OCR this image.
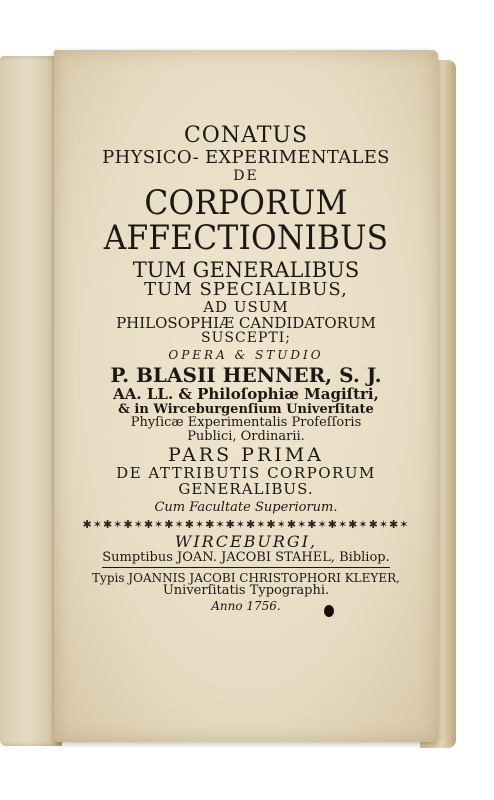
CONATUS
PHYSICO- EXPERIMENTALES
DE
CORPORUM
AFFECTIONIBUS
TUM GENERALIBUS
TUM SPECIALIBUS,
AD USUM
PHILOSOPHIÆ CANDIDATORUM
SUSCEPTI;
OPERA & STUDIO
P. BLASII HENNER, S. J.
AA. LL. & Philoſophiæ Magiſtri,
& in Wirceburgenſium Univerſitate
Phyſicæ Experimentalis Profeſſoris
Publici, Ordinarii.
PARS PRIMA
DE ATTRIBUTIS CORPORUM
GENERALIBUS.
Cum Facultate Superiorum.
✱✶✱✶✱✶✱✶✱✶✱✶✱✶✱✶✱✶✱✶✱✶✱✶✱✶✱✶✱✶✱✶
WIRCEBURGI,
Sumptibus JOAN. JACOBI STAHEL, Bibliop.
Typis JOANNIS JACOBI CHRISTOPHORI KLEYER,
Univerſitatis Typographi.
Anno 1756.
